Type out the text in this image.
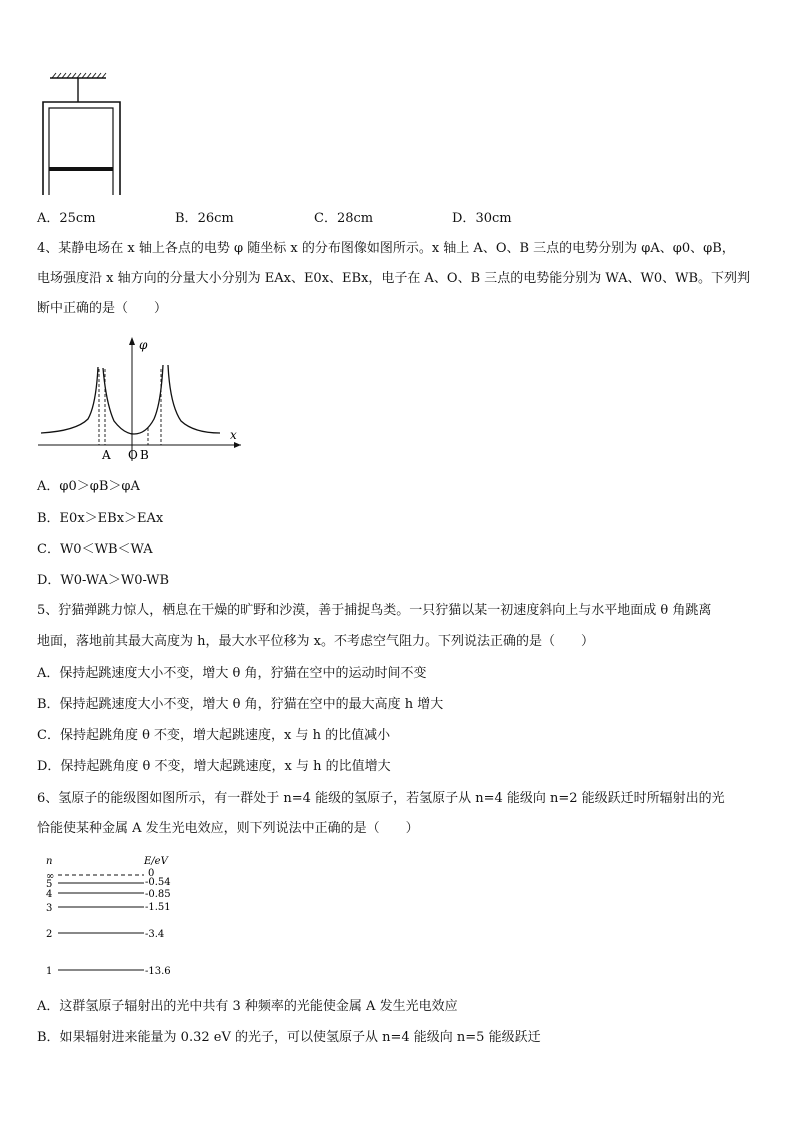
A．25cm	B．26cm	C．28cm	D．30cm
4、某静电场在 x 轴上各点的电势 φ 随坐标 x 的分布图像如图所示。x 轴上 A、O、B 三点的电势分别为 φA、φ0、φB，
电场强度沿 x 轴方向的分量大小分别为 EAx、E0x、EBx，电子在 A、O、B 三点的电势能分别为 WA、W0、WB。下列判
断中正确的是（　　）
φ
x
A O B
A．φ0＞φB＞φA
B．E0x＞EBx＞EAx
C．W0＜WB＜WA
D．W0-WA＞W0-WB
5、狞猫弹跳力惊人，栖息在干燥的旷野和沙漠，善于捕捉鸟类。一只狞猫以某一初速度斜向上与水平地面成 θ 角跳离
地面，落地前其最大高度为 h，最大水平位移为 x。不考虑空气阻力。下列说法正确的是（　　）
A．保持起跳速度大小不变，增大 θ 角，狞猫在空中的运动时间不变
B．保持起跳速度大小不变，增大 θ 角，狞猫在空中的最大高度 h 增大
C．保持起跳角度 θ 不变，增大起跳速度，x 与 h 的比值减小
D．保持起跳角度 θ 不变，增大起跳速度，x 与 h 的比值增大
6、氢原子的能级图如图所示，有一群处于 n=4 能级的氢原子，若氢原子从 n=4 能级向 n=2 能级跃迁时所辐射出的光
恰能使某种金属 A 发生光电效应，则下列说法中正确的是（　　）
n	E/eV
∞	0
5	-0.54
4	-0.85
3	-1.51
2	-3.4
1	-13.6
A．这群氢原子辐射出的光中共有 3 种频率的光能使金属 A 发生光电效应
B．如果辐射进来能量为 0.32 eV 的光子，可以使氢原子从 n=4 能级向 n=5 能级跃迁
